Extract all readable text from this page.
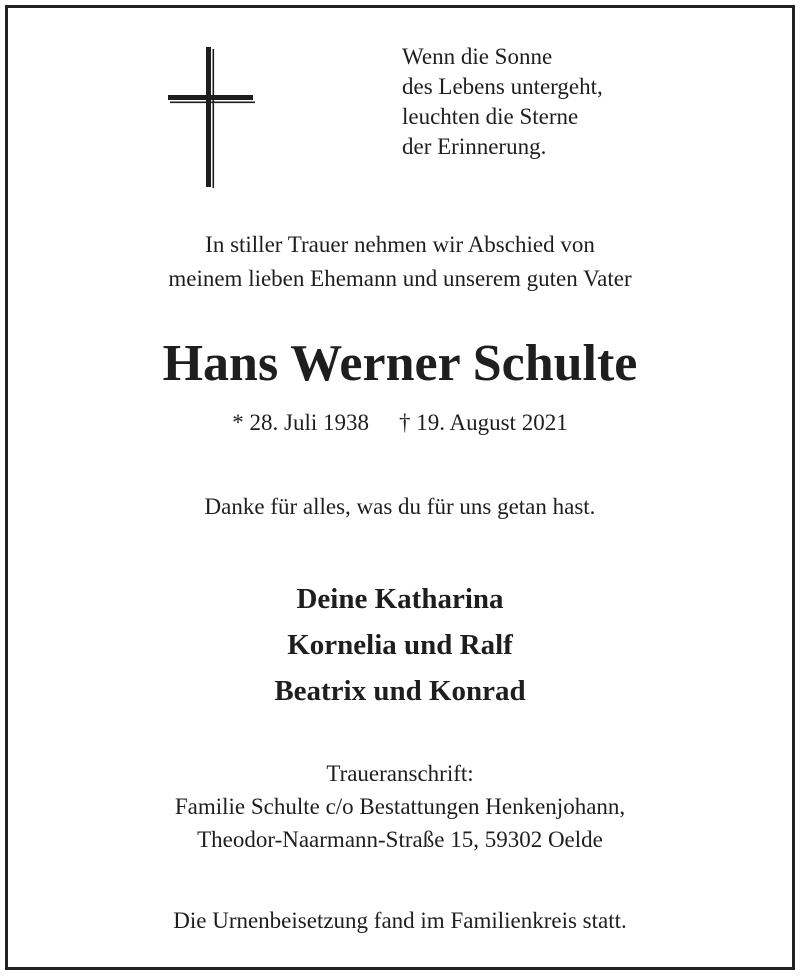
Wenn die Sonne
des Lebens untergeht,
leuchten die Sterne
der Erinnerung.
In stiller Trauer nehmen wir Abschied von
meinem lieben Ehemann und unserem guten Vater
Hans Werner Schulte
* 28. Juli 1938 † 19. August 2021
Danke für alles, was du für uns getan hast.
Deine Katharina
Kornelia und Ralf
Beatrix und Konrad
Traueranschrift:
Familie Schulte c/o Bestattungen Henkenjohann,
Theodor-Naarmann-Straße 15, 59302 Oelde
Die Urnenbeisetzung fand im Familienkreis statt.
